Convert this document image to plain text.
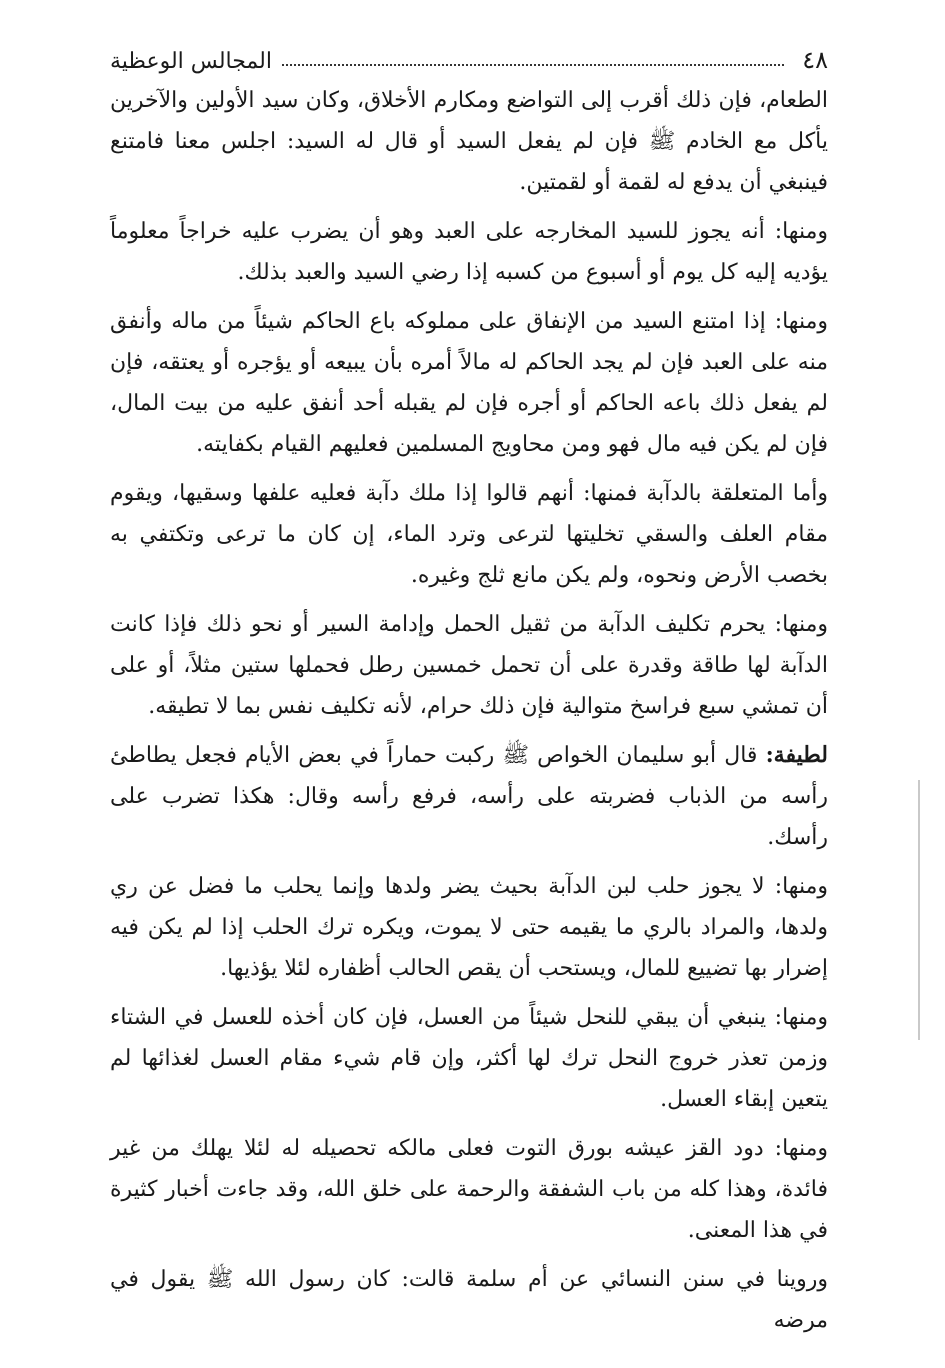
٤٨
المجالس الوعظية

الطعام، فإن ذلك أقرب إلى التواضع ومكارم الأخلاق، وكان سيد الأولين والآخرين يأكل مع الخادم ﷺ فإن لم يفعل السيد أو قال له السيد: اجلس معنا فامتنع فينبغي أن يدفع له لقمة أو لقمتين.

ومنها: أنه يجوز للسيد المخارجه على العبد وهو أن يضرب عليه خراجاً معلوماً يؤديه إليه كل يوم أو أسبوع من كسبه إذا رضي السيد والعبد بذلك.

ومنها: إذا امتنع السيد من الإنفاق على مملوكه باع الحاكم شيئاً من ماله وأنفق منه على العبد فإن لم يجد الحاكم له مالاً أمره بأن يبيعه أو يؤجره أو يعتقه، فإن لم يفعل ذلك باعه الحاكم أو أجره فإن لم يقبله أحد أنفق عليه من بيت المال، فإن لم يكن فيه مال فهو ومن محاويج المسلمين فعليهم القيام بكفايته.

وأما المتعلقة بالدآبة فمنها: أنهم قالوا إذا ملك دآبة فعليه علفها وسقيها، ويقوم مقام العلف والسقي تخليتها لترعى وترد الماء، إن كان ما ترعى وتكتفي به بخصب الأرض ونحوه، ولم يكن مانع ثلج وغيره.

ومنها: يحرم تكليف الدآبة من ثقيل الحمل وإدامة السير أو نحو ذلك فإذا كانت الدآبة لها طاقة وقدرة على أن تحمل خمسين رطل فحملها ستين مثلاً، أو على أن تمشي سبع فراسخ متوالية فإن ذلك حرام، لأنه تكليف نفس بما لا تطيقه.

لطيفة: قال أبو سليمان الخواص ﷺ ركبت حماراً في بعض الأيام فجعل يطاطئ رأسه من الذباب فضربته على رأسه، فرفع رأسه وقال: هكذا تضرب على رأسك.

ومنها: لا يجوز حلب لبن الدآبة بحيث يضر ولدها وإنما يحلب ما فضل عن ري ولدها، والمراد بالري ما يقيمه حتى لا يموت، ويكره ترك الحلب إذا لم يكن فيه إضرار بها تضييع للمال، ويستحب أن يقص الحالب أظفاره لئلا يؤذيها.

ومنها: ينبغي أن يبقي للنحل شيئاً من العسل، فإن كان أخذه للعسل في الشتاء وزمن تعذر خروج النحل ترك لها أكثر، وإن قام شيء مقام العسل لغذائها لم يتعين إبقاء العسل.

ومنها: دود القز عيشه بورق التوت فعلى مالكه تحصيله له لئلا يهلك من غير فائدة، وهذا كله من باب الشفقة والرحمة على خلق الله، وقد جاءت أخبار كثيرة في هذا المعنى.

وروينا في سنن النسائي عن أم سلمة قالت: كان رسول الله ﷺ يقول في مرضه
